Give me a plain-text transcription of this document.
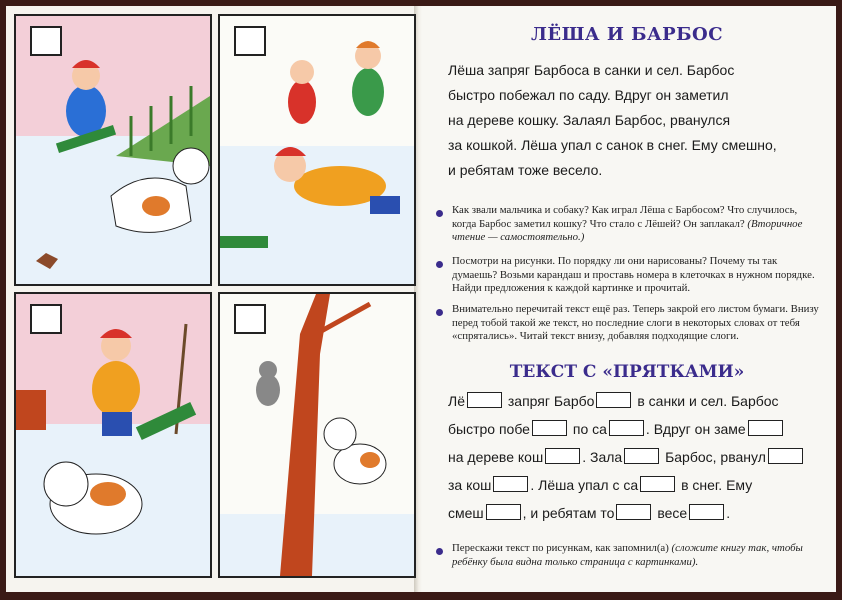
ЛЁША И БАРБОС
Лёша запряг Барбоса в санки и сел. Барбос
быстро побежал по саду. Вдруг он заметил
на дереве кошку. Залаял Барбос, рванулся
за кошкой. Лёша упал с санок в снег. Ему смешно,
и ребятам тоже весело.
Как звали мальчика и собаку? Как играл Лёша с Барбосом? Что случилось, когда Барбос заметил кошку? Что стало с Лёшей? Он заплакал? (Вторичное чтение — самостоятельно.)
Посмотри на рисунки. По порядку ли они нарисованы? Почему ты так думаешь? Возьми карандаш и проставь номера в клеточках в нужном порядке. Найди предложения к каждой картинке и прочитай.
Внимательно перечитай текст ещё раз. Теперь закрой его листом бумаги. Внизу перед тобой такой же текст, но последние слоги в некоторых словах от тебя «спрятались». Читай текст внизу, добавляя подходящие слоги.
ТЕКСТ С «ПРЯТКАМИ»
Лё	запряг Барбо	в санки и сел. Барбос
быстро побе	по са	. Вдруг он заме
на дереве кош	. Зала	Барбос, рванул
за кош	. Лёша упал с са	в снег. Ему
смеш	, и ребятам то	весе	.
Перескажи текст по рисункам, как запомнил(а) (сложите книгу так, чтобы ребёнку была видна только страница с картинками).
